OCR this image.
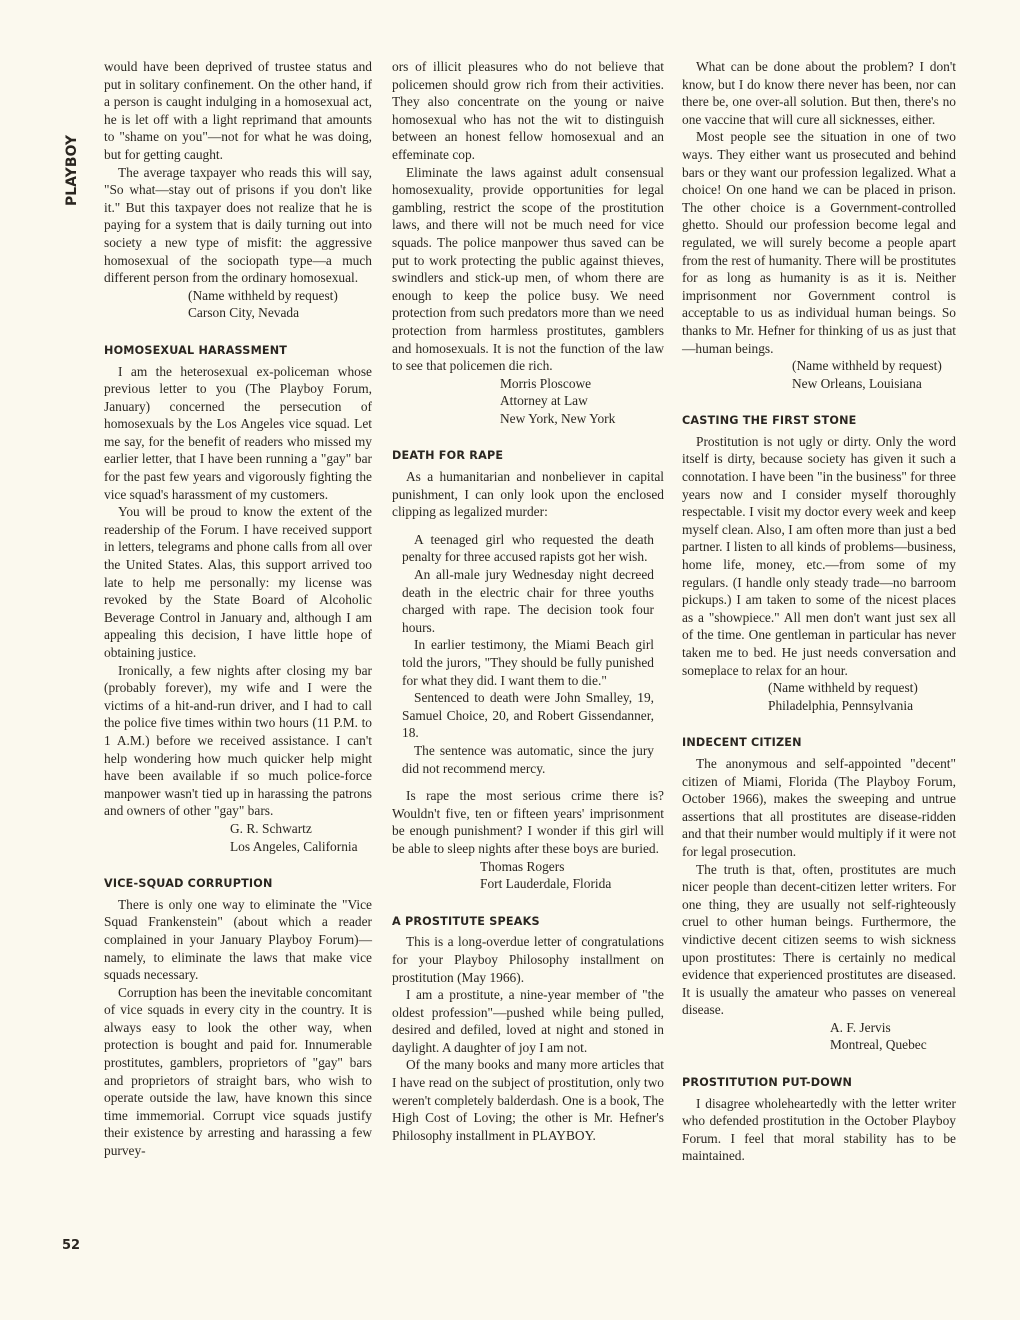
PLAYBOY
52

would have been deprived of trustee status and put in solitary confinement. On the other hand, if a person is caught indulging in a homosexual act, he is let off with a light reprimand that amounts to "shame on you"—not for what he was doing, but for getting caught.

The average taxpayer who reads this will say, "So what—stay out of prisons if you don't like it." But this taxpayer does not realize that he is paying for a system that is daily turning out into society a new type of misfit: the aggressive homosexual of the sociopath type—a much different person from the ordinary homosexual.

(Name withheld by request)
Carson City, Nevada
HOMOSEXUAL HARASSMENT

I am the heterosexual ex-policeman whose previous letter to you (The Playboy Forum, January) concerned the persecution of homosexuals by the Los Angeles vice squad. Let me say, for the benefit of readers who missed my earlier letter, that I have been running a "gay" bar for the past few years and vigorously fighting the vice squad's harassment of my customers.

You will be proud to know the extent of the readership of the Forum. I have received support in letters, telegrams and phone calls from all over the United States. Alas, this support arrived too late to help me personally: my license was revoked by the State Board of Alcoholic Beverage Control in January and, although I am appealing this decision, I have little hope of obtaining justice.

Ironically, a few nights after closing my bar (probably forever), my wife and I were the victims of a hit-and-run driver, and I had to call the police five times within two hours (11 P.M. to 1 A.M.) before we received assistance. I can't help wondering how much quicker help might have been available if so much police-force manpower wasn't tied up in harassing the patrons and owners of other "gay" bars.

G. R. Schwartz
Los Angeles, California
VICE-SQUAD CORRUPTION

There is only one way to eliminate the "Vice Squad Frankenstein" (about which a reader complained in your January Playboy Forum)—namely, to eliminate the laws that make vice squads necessary.

Corruption has been the inevitable concomitant of vice squads in every city in the country. It is always easy to look the other way, when protection is bought and paid for. Innumerable prostitutes, gamblers, proprietors of "gay" bars and proprietors of straight bars, who wish to operate outside the law, have known this since time immemorial. Corrupt vice squads justify their existence by arresting and harassing a few purvey-

ors of illicit pleasures who do not believe that policemen should grow rich from their activities. They also concentrate on the young or naive homosexual who has not the wit to distinguish between an honest fellow homosexual and an effeminate cop.

Eliminate the laws against adult consensual homosexuality, provide opportunities for legal gambling, restrict the scope of the prostitution laws, and there will not be much need for vice squads. The police manpower thus saved can be put to work protecting the public against thieves, swindlers and stick-up men, of whom there are enough to keep the police busy. We need protection from such predators more than we need protection from harmless prostitutes, gamblers and homosexuals. It is not the function of the law to see that policemen die rich.

Morris Ploscowe
Attorney at Law
New York, New York
DEATH FOR RAPE

As a humanitarian and nonbeliever in capital punishment, I can only look upon the enclosed clipping as legalized murder:

A teenaged girl who requested the death penalty for three accused rapists got her wish.

An all-male jury Wednesday night decreed death in the electric chair for three youths charged with rape. The decision took four hours.

In earlier testimony, the Miami Beach girl told the jurors, "They should be fully punished for what they did. I want them to die."

Sentenced to death were John Smalley, 19, Samuel Choice, 20, and Robert Gissendanner, 18.

The sentence was automatic, since the jury did not recommend mercy.

Is rape the most serious crime there is? Wouldn't five, ten or fifteen years' imprisonment be enough punishment? I wonder if this girl will be able to sleep nights after these boys are buried.

Thomas Rogers
Fort Lauderdale, Florida
A PROSTITUTE SPEAKS

This is a long-overdue letter of congratulations for your Playboy Philosophy installment on prostitution (May 1966).

I am a prostitute, a nine-year member of "the oldest profession"—pushed while being pulled, desired and defiled, loved at night and stoned in daylight. A daughter of joy I am not.

Of the many books and many more articles that I have read on the subject of prostitution, only two weren't completely balderdash. One is a book, The High Cost of Loving; the other is Mr. Hefner's Philosophy installment in PLAYBOY.

What can be done about the problem? I don't know, but I do know there never has been, nor can there be, one over-all solution. But then, there's no one vaccine that will cure all sicknesses, either.

Most people see the situation in one of two ways. They either want us prosecuted and behind bars or they want our profession legalized. What a choice! On one hand we can be placed in prison. The other choice is a Government-controlled ghetto. Should our profession become legal and regulated, we will surely become a people apart from the rest of humanity. There will be prostitutes for as long as humanity is as it is. Neither imprisonment nor Government control is acceptable to us as individual human beings. So thanks to Mr. Hefner for thinking of us as just that—human beings.

(Name withheld by request)
New Orleans, Louisiana
CASTING THE FIRST STONE

Prostitution is not ugly or dirty. Only the word itself is dirty, because society has given it such a connotation. I have been "in the business" for three years now and I consider myself thoroughly respectable. I visit my doctor every week and keep myself clean. Also, I am often more than just a bed partner. I listen to all kinds of problems—business, home life, money, etc.—from some of my regulars. (I handle only steady trade—no barroom pickups.) I am taken to some of the nicest places as a "showpiece." All men don't want just sex all of the time. One gentleman in particular has never taken me to bed. He just needs conversation and someplace to relax for an hour.

(Name withheld by request)
Philadelphia, Pennsylvania
INDECENT CITIZEN

The anonymous and self-appointed "decent" citizen of Miami, Florida (The Playboy Forum, October 1966), makes the sweeping and untrue assertions that all prostitutes are disease-ridden and that their number would multiply if it were not for legal prosecution.

The truth is that, often, prostitutes are much nicer people than decent-citizen letter writers. For one thing, they are usually not self-righteously cruel to other human beings. Furthermore, the vindictive decent citizen seems to wish sickness upon prostitutes: There is certainly no medical evidence that experienced prostitutes are diseased. It is usually the amateur who passes on venereal disease.

A. F. Jervis
Montreal, Quebec
PROSTITUTION PUT-DOWN

I disagree wholeheartedly with the letter writer who defended prostitution in the October Playboy Forum. I feel that moral stability has to be maintained.
